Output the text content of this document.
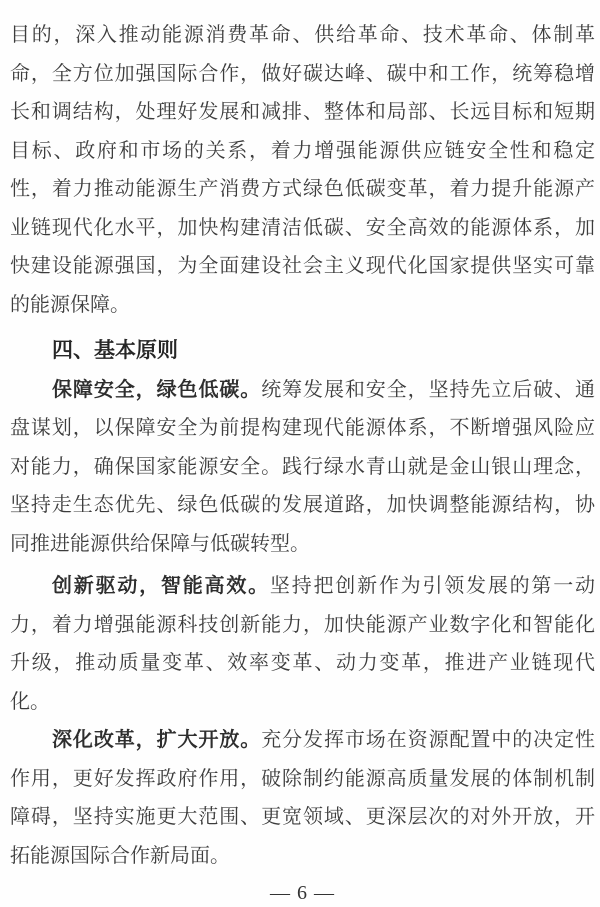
目的，深入推动能源消费革命、供给革命、技术革命、体制革
命，全方位加强国际合作，做好碳达峰、碳中和工作，统筹稳增
长和调结构，处理好发展和减排、整体和局部、长远目标和短期
目标、政府和市场的关系，着力增强能源供应链安全性和稳定
性，着力推动能源生产消费方式绿色低碳变革，着力提升能源产
业链现代化水平，加快构建清洁低碳、安全高效的能源体系，加
快建设能源强国，为全面建设社会主义现代化国家提供坚实可靠
的能源保障。
四、基本原则
保障安全，绿色低碳。统筹发展和安全，坚持先立后破、通
盘谋划，以保障安全为前提构建现代能源体系，不断增强风险应
对能力，确保国家能源安全。践行绿水青山就是金山银山理念，
坚持走生态优先、绿色低碳的发展道路，加快调整能源结构，协
同推进能源供给保障与低碳转型。
创新驱动，智能高效。坚持把创新作为引领发展的第一动
力，着力增强能源科技创新能力，加快能源产业数字化和智能化
升级，推动质量变革、效率变革、动力变革，推进产业链现代
化。
深化改革，扩大开放。充分发挥市场在资源配置中的决定性
作用，更好发挥政府作用，破除制约能源高质量发展的体制机制
障碍，坚持实施更大范围、更宽领域、更深层次的对外开放，开
拓能源国际合作新局面。
— 6 —
